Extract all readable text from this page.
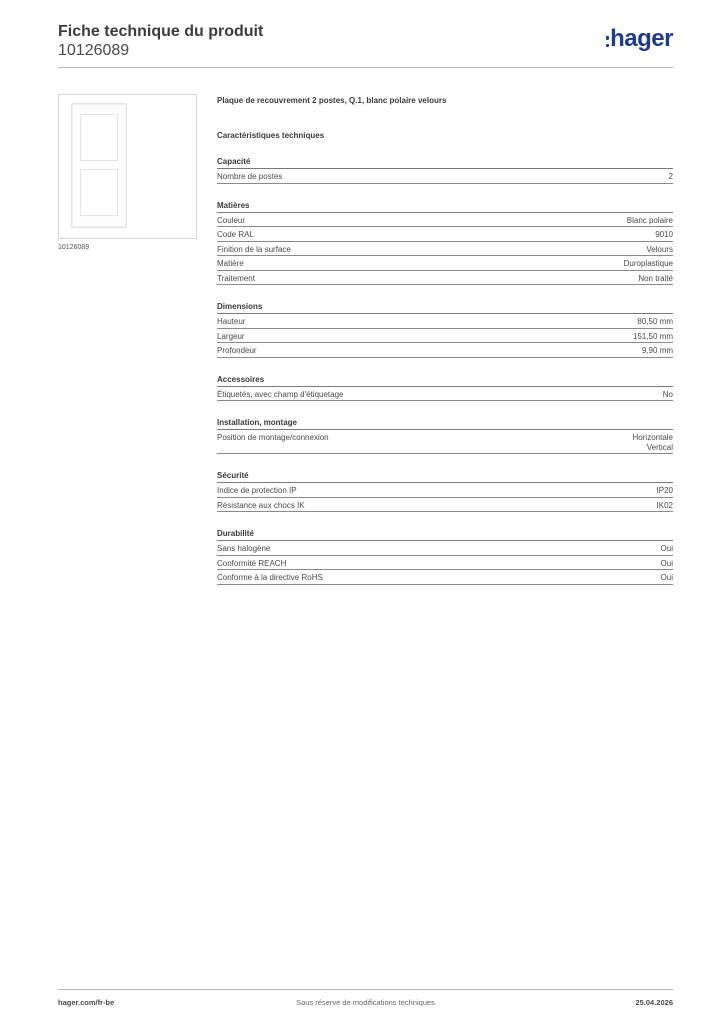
Fiche technique du produit
10126089	hager
10126089
Plaque de recouvrement 2 postes, Q.1, blanc polaire velours
Caractéristiques techniques
Capacité
Nombre de postes	2
Matières
Couleur	Blanc polaire
Code RAL	9010
Finition de la surface	Velours
Matière	Duroplastique
Traitement	Non traité
Dimensions
Hauteur	80,50 mm
Largeur	151,50 mm
Profondeur	9,90 mm
Accessoires
Étiquetés, avec champ d'étiquetage	No
Installation, montage
Position de montage/connexion	Horizontale
Vertical
Sécurité
Indice de protection IP	IP20
Résistance aux chocs IK	IK02
Durabilité
Sans halogène	Oui
Conformité REACH	Oui
Conforme à la directive RoHS	Oui
Sous réserve de modifications techniques
hager.com/fr-be	25.04.2026
